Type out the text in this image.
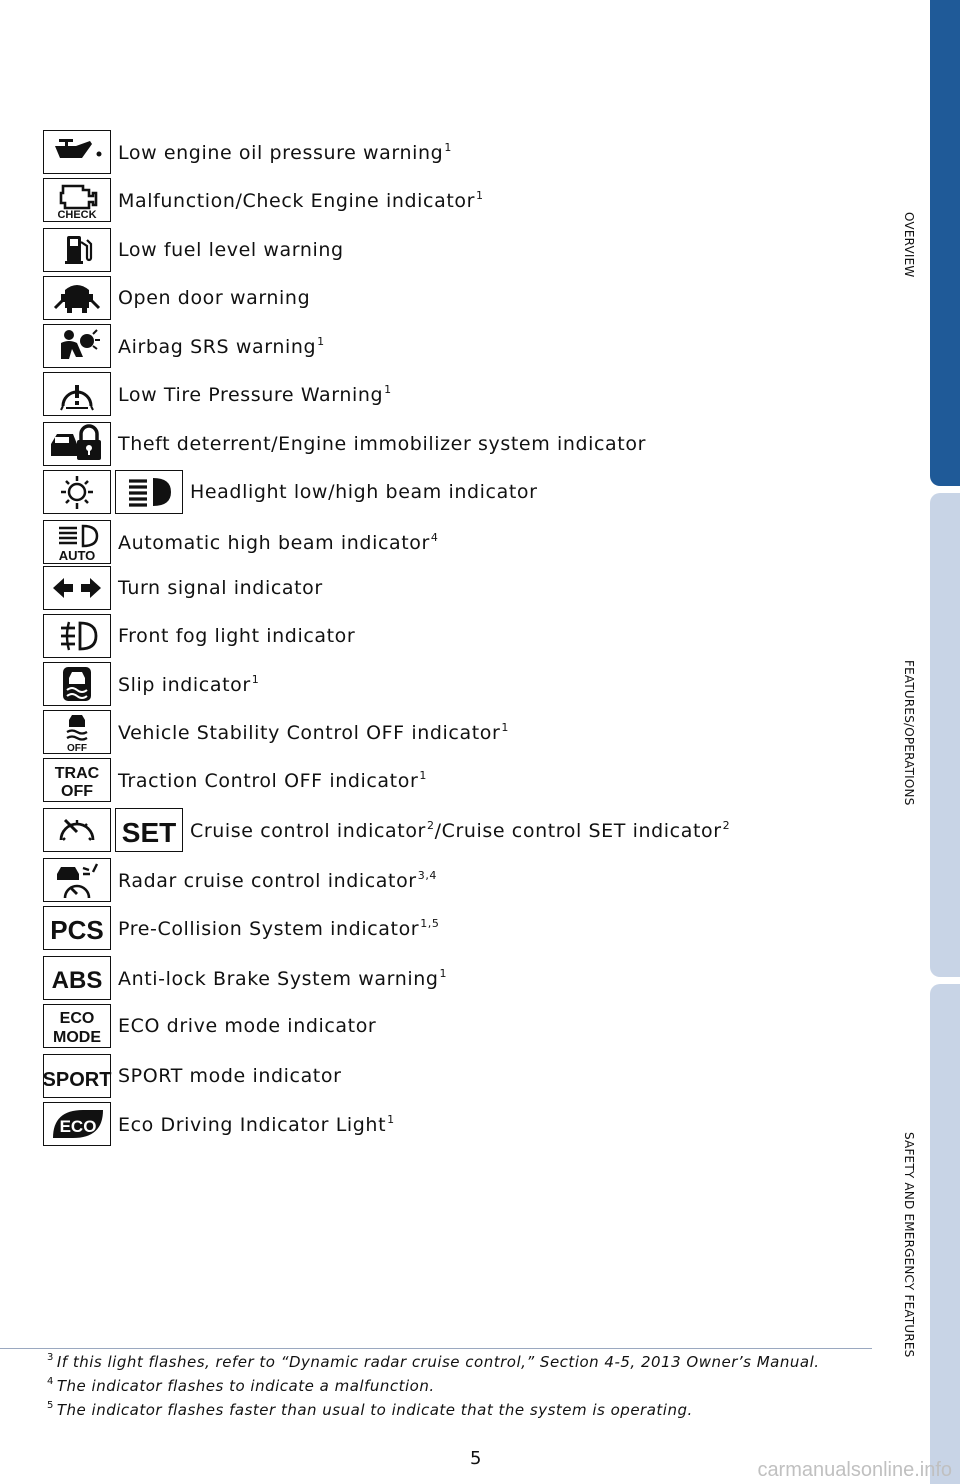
OVERVIEW
FEATURES/OPERATIONS
SAFETY AND EMERGENCY FEATURES
Low engine oil pressure warning$^1$
CHECK
Malfunction/Check Engine indicator$^1$
Low fuel level warning
Open door warning
Airbag SRS warning$^1$
Low Tire Pressure Warning$^1$
Theft deterrent/Engine immobilizer system indicator
Headlight low/high beam indicator
AUTO
Automatic high beam indicator$^4$
Turn signal indicator
Front fog light indicator
Slip indicator$^1$
OFF
Vehicle Stability Control OFF indicator$^1$
TRAC
OFF Traction Control OFF indicator$^1$
SET Cruise control indicator$^2$/Cruise control SET indicator$^2$
Radar cruise control indicator$^{3,4}$
PCS Pre-Collision System indicator$^{1,5}$
ABS Anti-lock Brake System warning$^1$
ECO
MODE
ECO drive mode indicator
SPORT SPORT mode indicator
ECO Eco Driving Indicator Light$^1$
$^3$ If this light flashes, refer to “Dynamic radar cruise control,” Section 4-5, 2013 Owner’s Manual.
$^4$ The indicator flashes to indicate a malfunction.
$^5$ The indicator flashes faster than usual to indicate that the system is operating.
5
carmanualsonline.info
